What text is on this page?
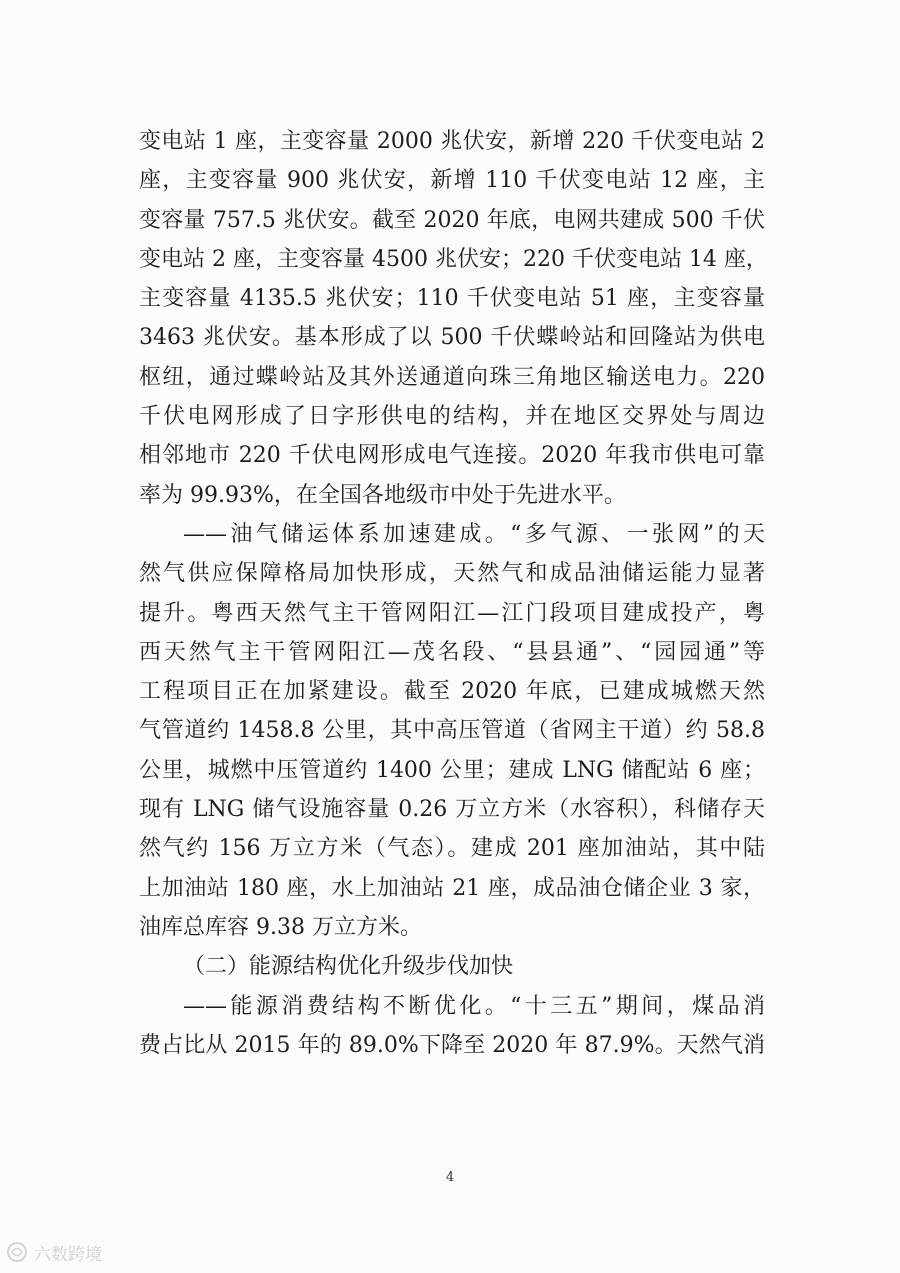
变电站 1 座，主变容量 2000 兆伏安，新增 220 千伏变电站 2
座，主变容量 900 兆伏安，新增 110 千伏变电站 12 座，主
变容量 757.5 兆伏安。截至 2020 年底，电网共建成 500 千伏
变电站 2 座，主变容量 4500 兆伏安；220 千伏变电站 14 座，
主变容量 4135.5 兆伏安；110 千伏变电站 51 座，主变容量
3463 兆伏安。基本形成了以 500 千伏蝶岭站和回隆站为供电
枢纽，通过蝶岭站及其外送通道向珠三角地区输送电力。220
千伏电网形成了日字形供电的结构，并在地区交界处与周边
相邻地市 220 千伏电网形成电气连接。2020 年我市供电可靠
率为 99.93%，在全国各地级市中处于先进水平。
——油气储运体系加速建成。“多气源、一张网”的天
然气供应保障格局加快形成，天然气和成品油储运能力显著
提升。粤西天然气主干管网阳江—江门段项目建成投产，粤
西天然气主干管网阳江—茂名段、“县县通”、“园园通”等
工程项目正在加紧建设。截至 2020 年底，已建成城燃天然
气管道约 1458.8 公里，其中高压管道（省网主干道）约 58.8
公里，城燃中压管道约 1400 公里；建成 LNG 储配站 6 座；
现有 LNG 储气设施容量 0.26 万立方米（水容积），科储存天
然气约 156 万立方米（气态）。建成 201 座加油站，其中陆
上加油站 180 座，水上加油站 21 座，成品油仓储企业 3 家，
油库总库容 9.38 万立方米。
（二）能源结构优化升级步伐加快
——能源消费结构不断优化。“十三五”期间，煤品消
费占比从 2015 年的 89.0%下降至 2020 年 87.9%。天然气消
4
六数跨境
